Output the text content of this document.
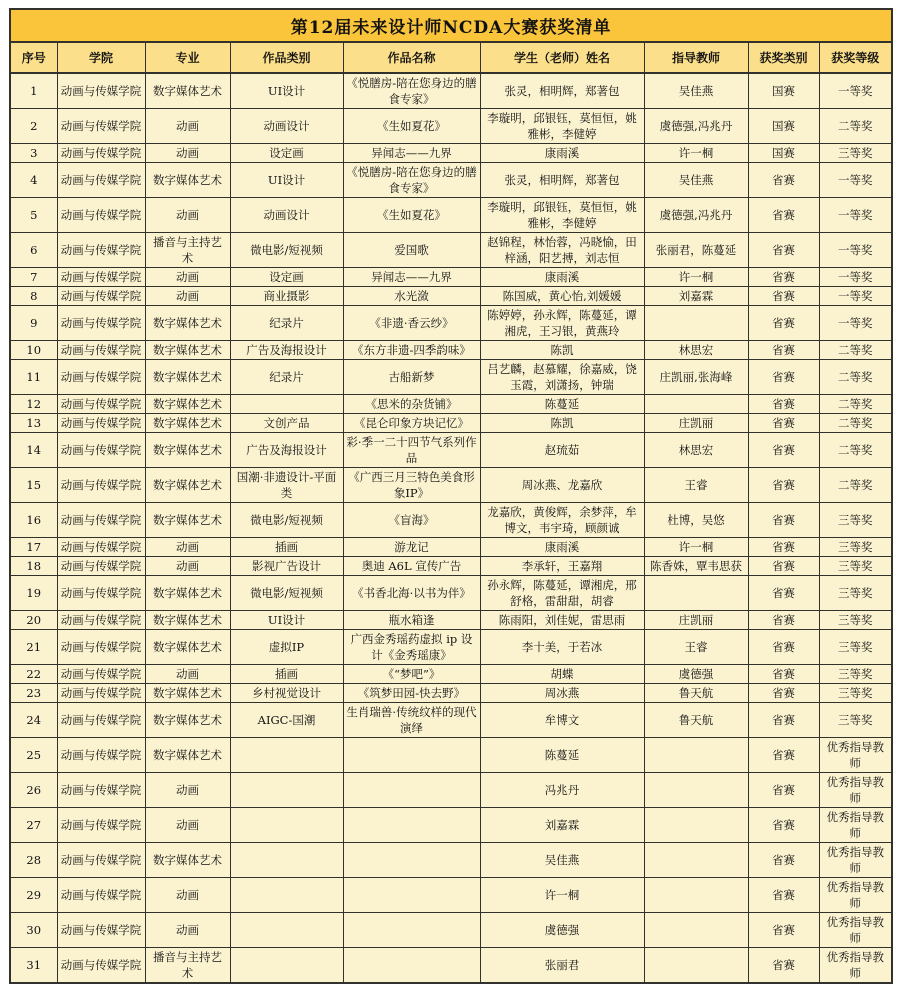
第12届未来设计师NCDA大赛获奖清单								
序号	学院	专业	作品类别	作品名称	学生（老师）姓名	指导教师	获奖类别	获奖等级
1	动画与传媒学院	数字媒体艺术	UI设计	《悦膳房-陪在您身边的膳食专家》	张灵，相明辉，郑著包	吴佳燕	国赛	一等奖
2	动画与传媒学院	动画	动画设计	《生如夏花》	李璇明，邱银钰，莫恒恒，姚雅彬，李健婷	虞德强,冯兆丹	国赛	二等奖
3	动画与传媒学院	动画	设定画	异闻志——九界	康雨溪	许一桐	国赛	三等奖
4	动画与传媒学院	数字媒体艺术	UI设计	《悦膳房-陪在您身边的膳食专家》	张灵，相明辉，郑著包	吴佳燕	省赛	一等奖
5	动画与传媒学院	动画	动画设计	《生如夏花》	李璇明，邱银钰，莫恒恒，姚雅彬，李健婷	虞德强,冯兆丹	省赛	一等奖
6	动画与传媒学院	播音与主持艺术	微电影/短视频	爱国歌	赵锦程，林怡蓉，冯晓愉，田梓涵，阳艺搏，刘志恒	张丽君，陈蔓延	省赛	一等奖
7	动画与传媒学院	动画	设定画	异闻志——九界	康雨溪	许一桐	省赛	一等奖
8	动画与传媒学院	动画	商业摄影	水光潋	陈国威，黄心怡,刘媛媛	刘嘉霖	省赛	一等奖
9	动画与传媒学院	数字媒体艺术	纪录片	《非遗·香云纱》	陈婷婷，孙永辉，陈蔓延，谭湘虎，王习银，黄燕玲		省赛	一等奖
10	动画与传媒学院	数字媒体艺术	广告及海报设计	《东方非遗-四季韵味》	陈凯	林思宏	省赛	二等奖
11	动画与传媒学院	数字媒体艺术	纪录片	古船新梦	吕艺麟，赵慕耀，徐嘉威，饶玉霞，刘潇扬，钟瑞	庄凯丽,张海峰	省赛	二等奖
12	动画与传媒学院	数字媒体艺术		《思米的杂货铺》	陈蔓延		省赛	二等奖
13	动画与传媒学院	数字媒体艺术	文创产品	《昆仑印象方块记忆》	陈凯	庄凯丽	省赛	二等奖
14	动画与传媒学院	数字媒体艺术	广告及海报设计	彩·季一二十四节气系列作品	赵琉茹	林思宏	省赛	二等奖
15	动画与传媒学院	数字媒体艺术	国潮·非遗设计-平面类	《广西三月三特色美食形象IP》	周冰燕、龙嘉欣	王睿	省赛	二等奖
16	动画与传媒学院	数字媒体艺术	微电影/短视频	《盲海》	龙嘉欣，黄俊辉，余梦萍，牟博文，韦宇琦，顾颜诚	杜博，吴悠	省赛	三等奖
17	动画与传媒学院	动画	插画	游龙记	康雨溪	许一桐	省赛	三等奖
18	动画与传媒学院	动画	影视广告设计	奥迪 A6L 宣传广告	李承轩，王嘉翔	陈香姝，覃韦思获	省赛	三等奖
19	动画与传媒学院	数字媒体艺术	微电影/短视频	《书香北海·以书为伴》	孙永辉，陈蔓延，谭湘虎，邢舒格，雷甜甜，胡睿		省赛	三等奖
20	动画与传媒学院	数字媒体艺术	UI设计	瓶水箱逢	陈雨阳，刘佳妮，雷思雨	庄凯丽	省赛	三等奖
21	动画与传媒学院	数字媒体艺术	虚拟IP	广西金秀瑶药虚拟 ip 设计《金秀瑶康》	李十美，于若冰	王睿	省赛	三等奖
22	动画与传媒学院	动画	插画	《“梦吧”》	胡蝶	虞德强	省赛	三等奖
23	动画与传媒学院	数字媒体艺术	乡村视觉设计	《筑梦田园-快去野》	周冰燕	鲁天航	省赛	三等奖
24	动画与传媒学院	数字媒体艺术	AIGC-国潮	生肖瑞兽·传统纹样的现代演绎	牟博文	鲁天航	省赛	三等奖
25	动画与传媒学院	数字媒体艺术			陈蔓延		省赛	优秀指导教师
26	动画与传媒学院	动画			冯兆丹		省赛	优秀指导教师
27	动画与传媒学院	动画			刘嘉霖		省赛	优秀指导教师
28	动画与传媒学院	数字媒体艺术			吴佳燕		省赛	优秀指导教师
29	动画与传媒学院	动画			许一桐		省赛	优秀指导教师
30	动画与传媒学院	动画			虞德强		省赛	优秀指导教师
31	动画与传媒学院	播音与主持艺术			张丽君		省赛	优秀指导教师
